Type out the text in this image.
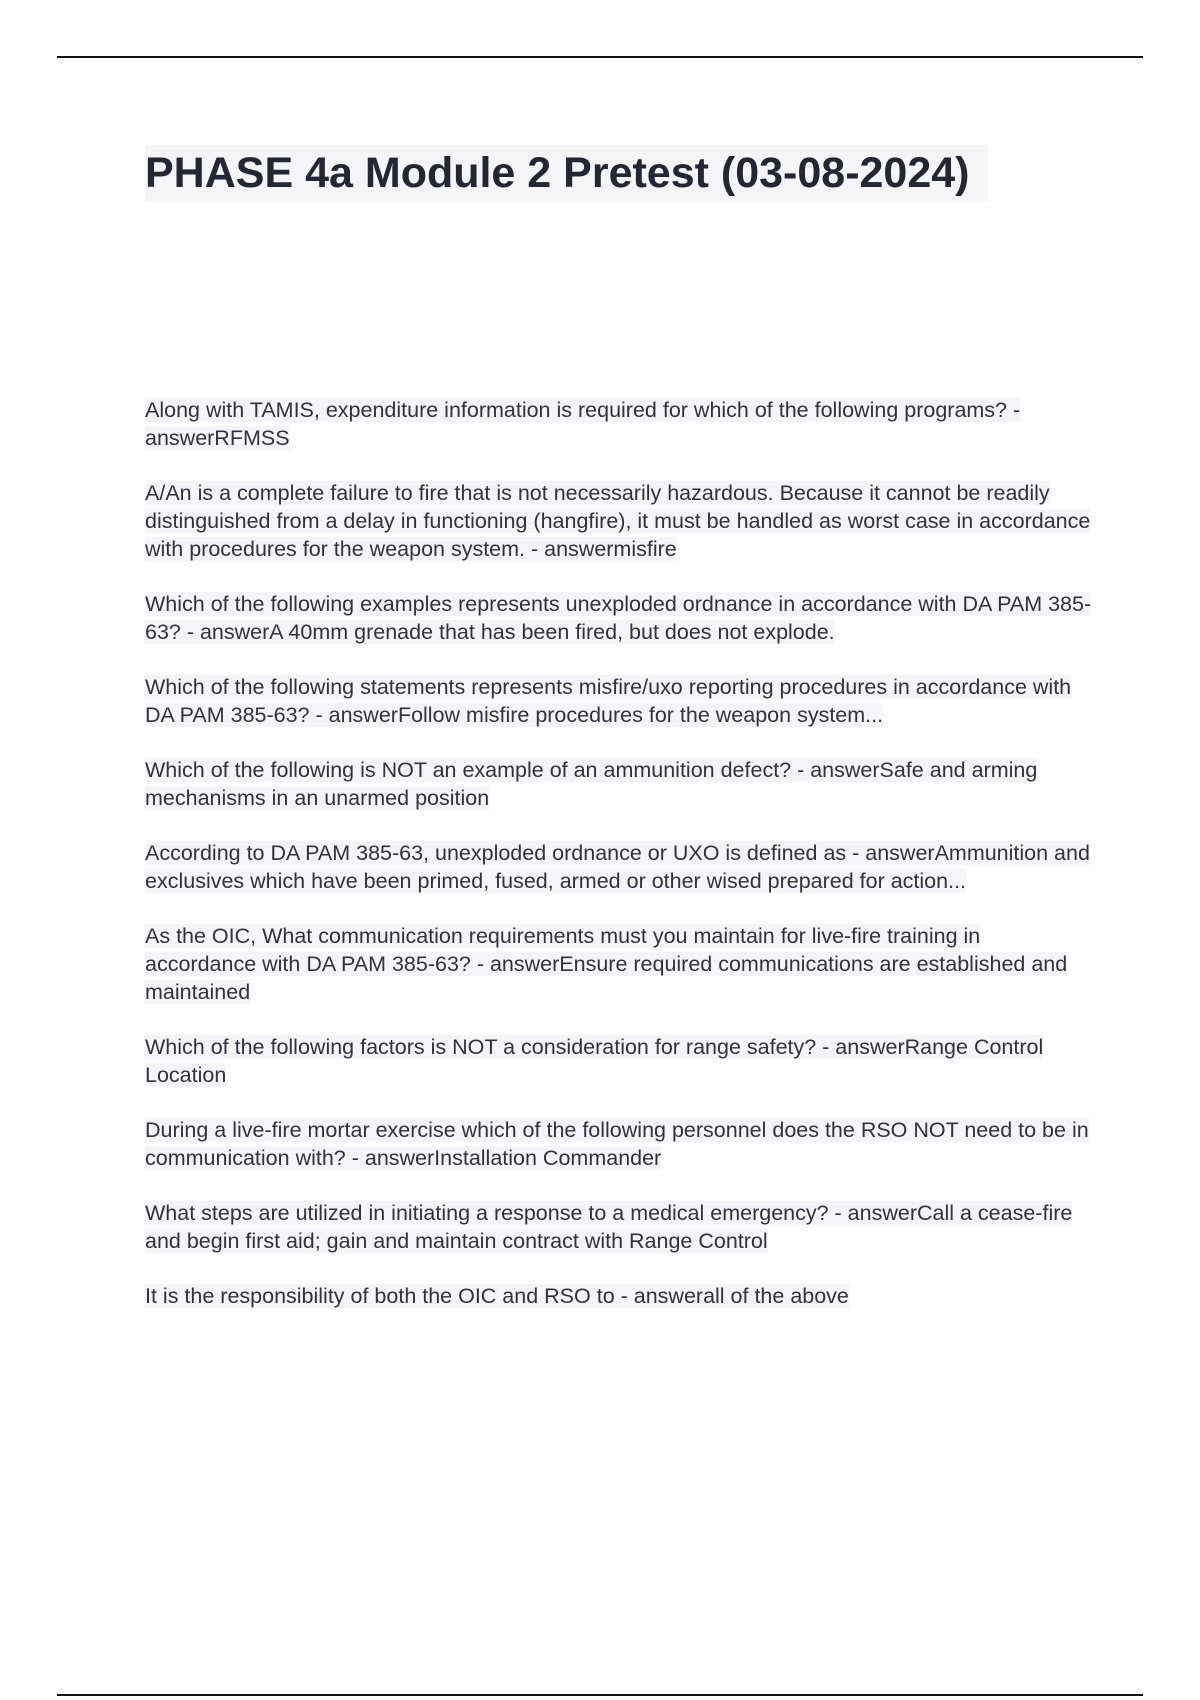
PHASE 4a Module 2 Pretest (03-08-2024)
Along with TAMIS, expenditure information is required for which of the following programs? - answerRFMSS
A/An is a complete failure to fire that is not necessarily hazardous. Because it cannot be readily distinguished from a delay in functioning (hangfire), it must be handled as worst case in accordance with procedures for the weapon system. - answermisfire
Which of the following examples represents unexploded ordnance in accordance with DA PAM 385-63? - answerA 40mm grenade that has been fired, but does not explode.
Which of the following statements represents misfire/uxo reporting procedures in accordance with DA PAM 385-63? - answerFollow misfire procedures for the weapon system...
Which of the following is NOT an example of an ammunition defect? - answerSafe and arming mechanisms in an unarmed position
According to DA PAM 385-63, unexploded ordnance or UXO is defined as - answerAmmunition and exclusives which have been primed, fused, armed or other wised prepared for action...
As the OIC, What communication requirements must you maintain for live-fire training in accordance with DA PAM 385-63? - answerEnsure required communications are established and maintained
Which of the following factors is NOT a consideration for range safety? - answerRange Control Location
During a live-fire mortar exercise which of the following personnel does the RSO NOT need to be in communication with? - answerInstallation Commander
What steps are utilized in initiating a response to a medical emergency? - answerCall a cease-fire and begin first aid; gain and maintain contract with Range Control
It is the responsibility of both the OIC and RSO to - answerall of the above
